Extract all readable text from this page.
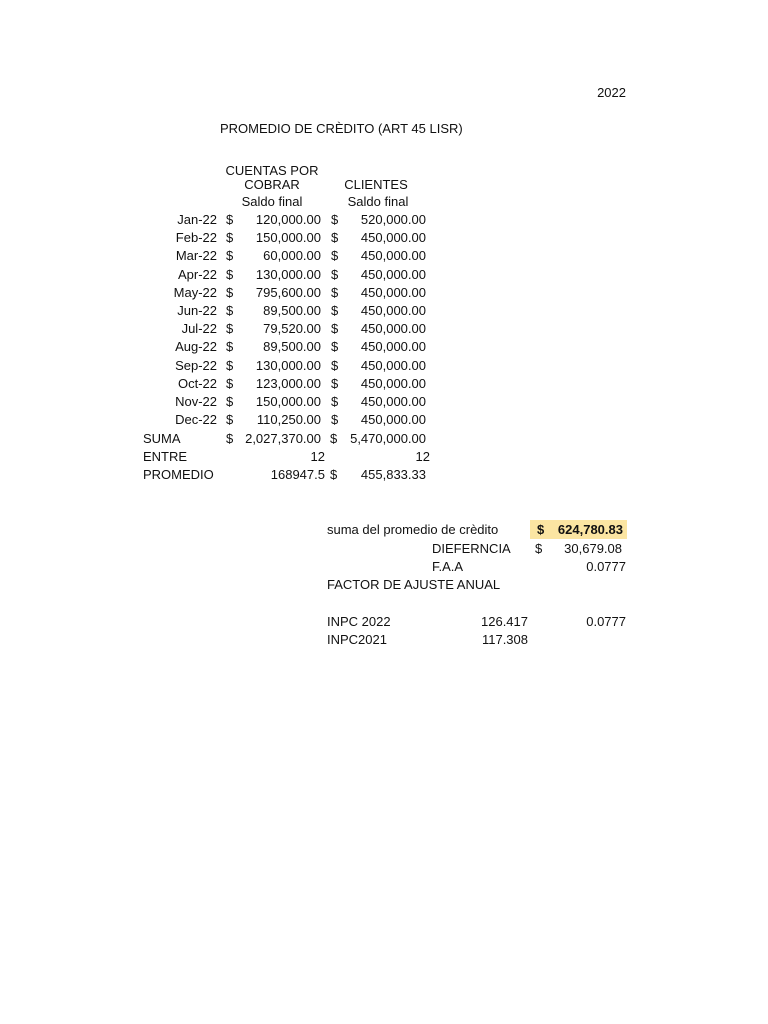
2022
PROMEDIO DE CRÈDITO (ART 45 LISR)
CUENTAS POR
COBRAR	CLIENTES
Saldo final	Saldo final
Jan-22 $	120,000.00 $	520,000.00
Feb-22 $	150,000.00 $	450,000.00
Mar-22 $	60,000.00 $	450,000.00
Apr-22 $	130,000.00 $	450,000.00
May-22 $	795,600.00 $	450,000.00
Jun-22 $	89,500.00 $	450,000.00
Jul-22 $	79,520.00 $	450,000.00
Aug-22 $	89,500.00 $	450,000.00
Sep-22 $	130,000.00 $	450,000.00
Oct-22 $	123,000.00 $	450,000.00
Nov-22 $	150,000.00 $	450,000.00
Dec-22 $	110,250.00 $	450,000.00
SUMA	$ 2,027,370.00 $ 5,470,000.00
ENTRE	12	12
PROMEDIO	168947.5 $	455,833.33
suma del promedio de crèdito	$	624,780.83
DIEFERNCIA $	30,679.08
F.A.A	0.0777
FACTOR DE AJUSTE ANUAL
INPC 2022	126.417	0.0777
INPC2021	117.308
